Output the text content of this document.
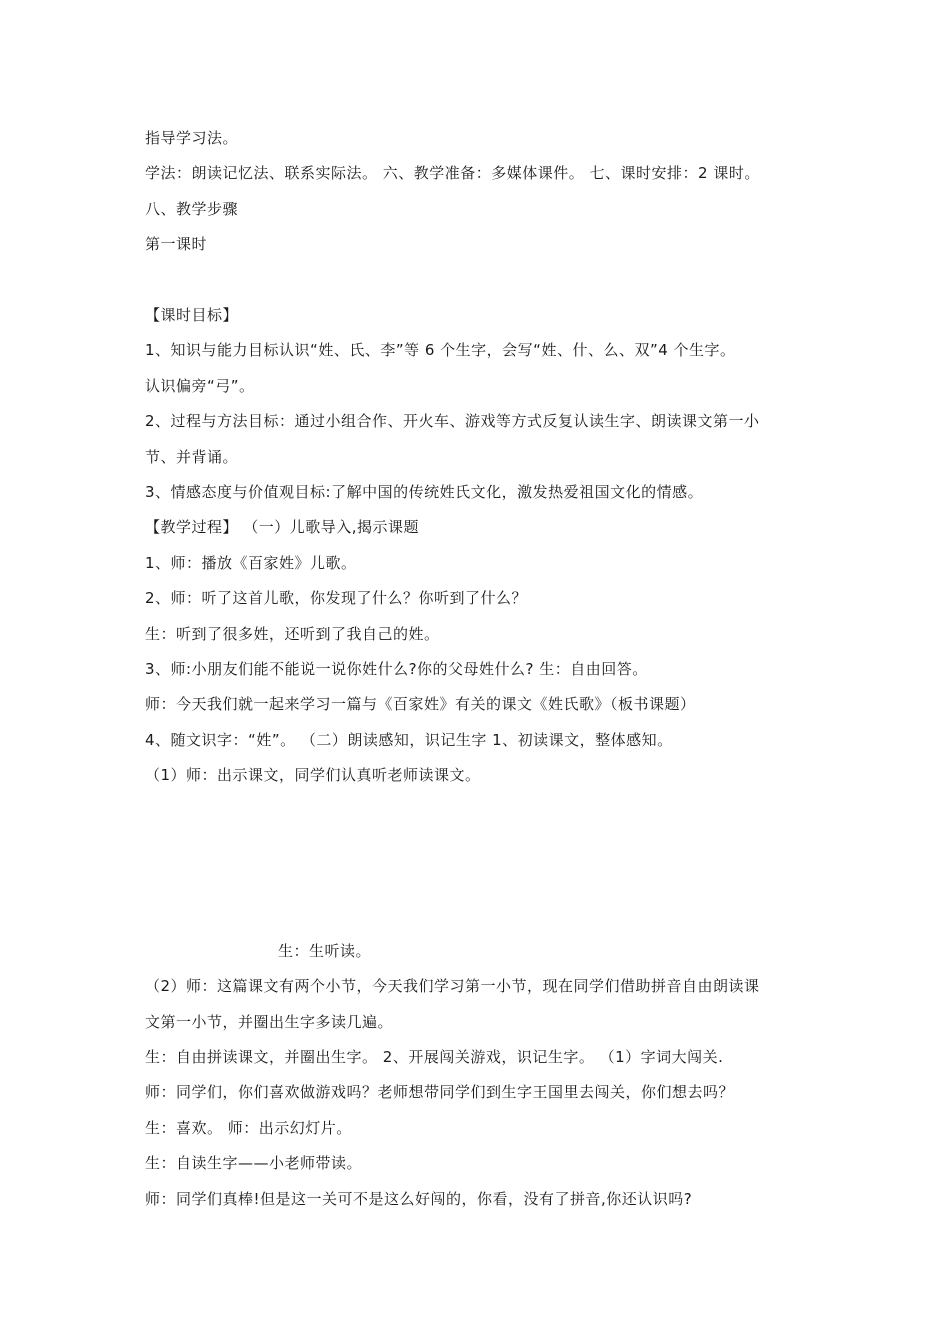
指导学习法。
学法：朗读记忆法、联系实际法。 六、教学准备：多媒体课件。 七、课时安排：2 课时。
八、教学步骤
第一课时
【课时目标】
1、知识与能力目标认识“姓、氏、李”等 6 个生字，会写“姓、什、么、双”4 个生字。
认识偏旁“弓”。
2、过程与方法目标：通过小组合作、开火车、游戏等方式反复认读生字、朗读课文第一小
节、并背诵。
3、情感态度与价值观目标:了解中国的传统姓氏文化，激发热爱祖国文化的情感。
【教学过程】 （一）儿歌导入,揭示课题
1、师：播放《百家姓》儿歌。
2、师：听了这首儿歌，你发现了什么？你听到了什么？
生：听到了很多姓，还听到了我自己的姓。
3、师:小朋友们能不能说一说你姓什么?你的父母姓什么? 生：自由回答。
师：今天我们就一起来学习一篇与《百家姓》有关的课文《姓氏歌》（板书课题）
4、随文识字：“姓”。 （二）朗读感知，识记生字 1、初读课文，整体感知。
（1）师：出示课文，同学们认真听老师读课文。
生：生听读。
（2）师：这篇课文有两个小节，今天我们学习第一小节，现在同学们借助拼音自由朗读课
文第一小节，并圈出生字多读几遍。
生：自由拼读课文，并圈出生字。 2、开展闯关游戏，识记生字。 （1）字词大闯关.
师：同学们，你们喜欢做游戏吗？老师想带同学们到生字王国里去闯关，你们想去吗？
生：喜欢。 师：出示幻灯片。
生：自读生字——小老师带读。
师：同学们真棒!但是这一关可不是这么好闯的，你看，没有了拼音,你还认识吗?
